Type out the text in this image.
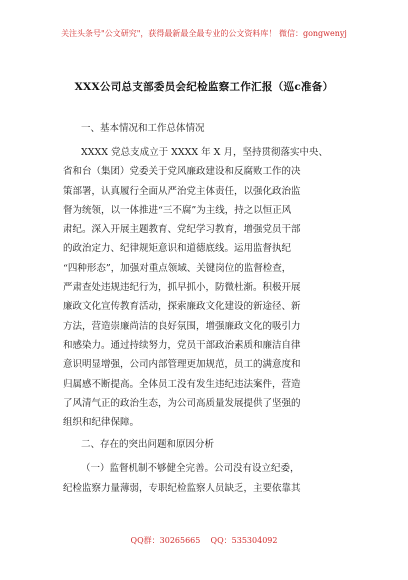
关注头条号"公文研究"，获得最新最全最专业的公文资料库！ 微信：gongwenyj
XXX公司总支部委员会纪检监察工作汇报（巡c准备）
一、基本情况和工作总体情况
XXXX 党总支成立于 XXXX 年 X 月，坚持贯彻落实中央、
省和台（集团）党委关于党风廉政建设和反腐败工作的决
策部署，认真履行全面从严治党主体责任，以强化政治监
督为统领，以一体推进“三不腐”为主线，持之以恒正风
肃纪。深入开展主题教育、党纪学习教育，增强党员干部
的政治定力、纪律规矩意识和道德底线。运用监督执纪
“四种形态”，加强对重点领域、关键岗位的监督检查，
严肃查处违规违纪行为，抓早抓小，防微杜渐。积极开展
廉政文化宣传教育活动，探索廉政文化建设的新途径、新
方法，营造崇廉尚洁的良好氛围，增强廉政文化的吸引力
和感染力。通过持续努力，党员干部政治素质和廉洁自律
意识明显增强，公司内部管理更加规范，员工的满意度和
归属感不断提高。全体员工没有发生违纪违法案件，营造
了风清气正的政治生态，为公司高质量发展提供了坚强的
组织和纪律保障。
二、存在的突出问题和原因分析
（一）监督机制不够健全完善。公司没有设立纪委，
纪检监察力量薄弱，专职纪检监察人员缺乏，主要依靠其
QQ群：30265665    QQ：535304092
